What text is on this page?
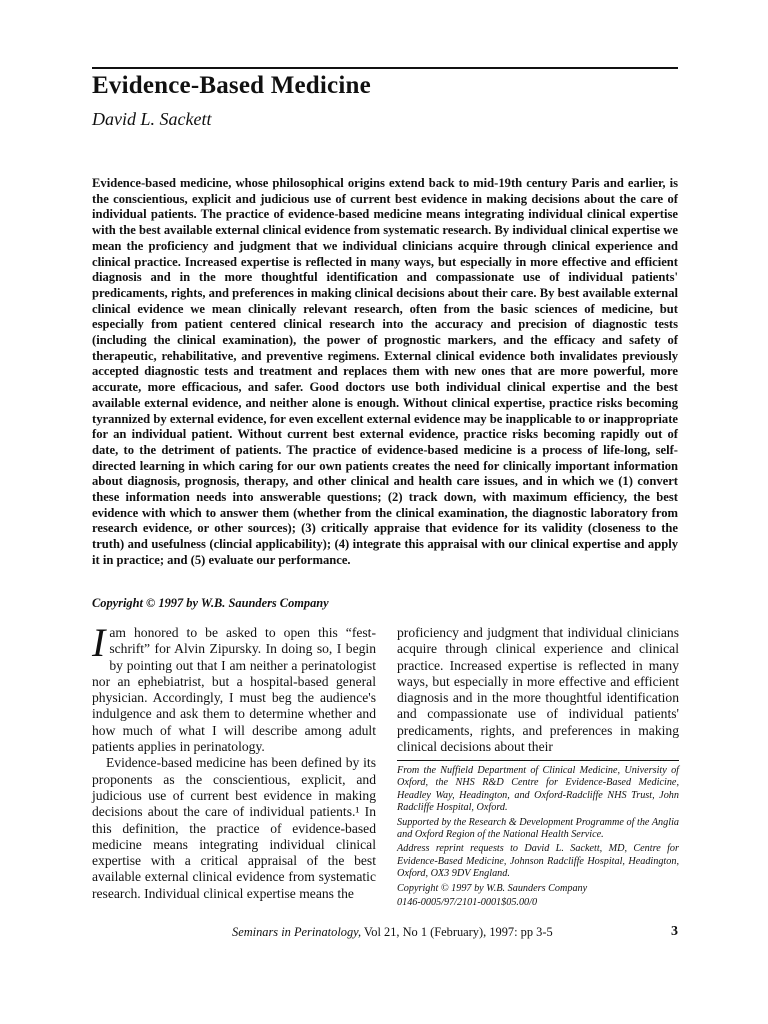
Evidence-Based Medicine

David L. Sackett

Evidence-based medicine, whose philosophical origins extend back to mid-19th century Paris and earlier, is the conscientious, explicit and judicious use of current best evidence in making decisions about the care of individual patients. The practice of evidence-based medicine means integrating individual clinical expertise with the best available external clinical evidence from systematic research. By individual clinical expertise we mean the proficiency and judgment that we individual clinicians acquire through clinical experience and clinical practice. Increased expertise is reflected in many ways, but especially in more effective and efficient diagnosis and in the more thoughtful identification and compassionate use of individual patients' predicaments, rights, and preferences in making clinical decisions about their care. By best available external clinical evidence we mean clinically relevant research, often from the basic sciences of medicine, but especially from patient centered clinical research into the accuracy and precision of diagnostic tests (including the clinical examination), the power of prognostic markers, and the efficacy and safety of therapeutic, rehabilitative, and preventive regimens. External clinical evidence both invalidates previously accepted diagnostic tests and treatment and replaces them with new ones that are more powerful, more accurate, more efficacious, and safer. Good doctors use both individual clinical expertise and the best available external evidence, and neither alone is enough. Without clinical expertise, practice risks becoming tyrannized by external evidence, for even excellent external evidence may be inapplicable to or inappropriate for an individual patient. Without current best external evidence, practice risks becoming rapidly out of date, to the detriment of patients. The practice of evidence-based medicine is a process of life-long, self-directed learning in which caring for our own patients creates the need for clinically important information about diagnosis, prognosis, therapy, and other clinical and health care issues, and in which we (1) convert these information needs into answerable questions; (2) track down, with maximum efficiency, the best evidence with which to answer them (whether from the clinical examination, the diagnostic laboratory from research evidence, or other sources); (3) critically appraise that evidence for its validity (closeness to the truth) and usefulness (clincial applicability); (4) integrate this appraisal with our clinical expertise and apply it in practice; and (5) evaluate our performance.

Copyright © 1997 by W.B. Saunders Company

Iam honored to be asked to open this “fest-schrift” for Alvin Zipursky. In doing so, I begin by pointing out that I am neither a perinatologist nor an ephebiatrist, but a hospital-based general physician. Accordingly, I must beg the audience's indulgence and ask them to determine whether and how much of what I will describe among adult patients applies in perinatology.

Evidence-based medicine has been defined by its proponents as the conscientious, explicit, and judicious use of current best evidence in making decisions about the care of individual patients.¹ In this definition, the practice of evidence-based medicine means integrating individual clinical expertise with a critical appraisal of the best available external clinical evidence from systematic research. Individual clinical expertise means the

proficiency and judgment that individual clinicians acquire through clinical experience and clinical practice. Increased expertise is reflected in many ways, but especially in more effective and efficient diagnosis and in the more thoughtful identification and compassionate use of individual patients' predicaments, rights, and preferences in making clinical decisions about their

From the Nuffield Department of Clinical Medicine, University of Oxford, the NHS R&D Centre for Evidence-Based Medicine, Headley Way, Headington, and Oxford-Radcliffe NHS Trust, John Radcliffe Hospital, Oxford.

Supported by the Research & Development Programme of the Anglia and Oxford Region of the National Health Service.

Address reprint requests to David L. Sackett, MD, Centre for Evidence-Based Medicine, Johnson Radcliffe Hospital, Headington, Oxford, OX3 9DV England.

Copyright © 1997 by W.B. Saunders Company

0146-0005/97/2101-0001$05.00/0

Seminars in Perinatology, Vol 21, No 1 (February), 1997: pp 3-5	3
